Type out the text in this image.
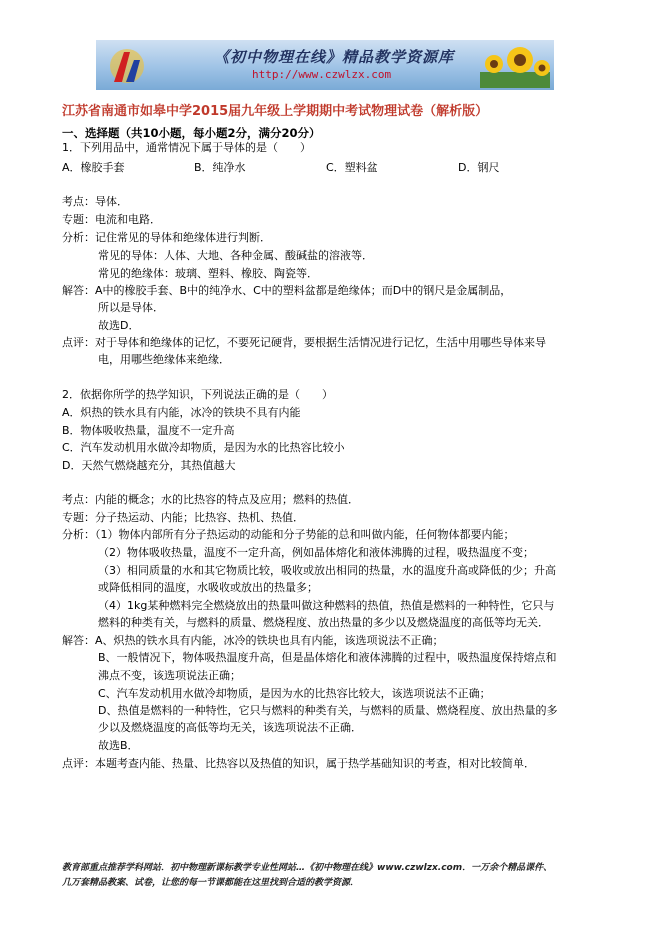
《初中物理在线》精品教学资源库
http://www.czwlzx.com
江苏省南通市如皋中学2015届九年级上学期期中考试物理试卷（解析版）
一、选择题（共10小题，每小题2分，满分20分）
1．下列用品中，通常情况下属于导体的是（　　）
A．橡胶手套	B．纯净水	C．塑料盆	D．钢尺
考点：导体．
专题：电流和电路．
分析：记住常见的导体和绝缘体进行判断．
常见的导体：人体、大地、各种金属、酸碱盐的溶液等．
常见的绝缘体：玻璃、塑料、橡胶、陶瓷等．
解答：A中的橡胶手套、B中的纯净水、C中的塑料盆都是绝缘体；而D中的钢尺是金属制品，
所以是导体．
故选D．
点评：对于导体和绝缘体的记忆，不要死记硬背，要根据生活情况进行记忆，生活中用哪些导体来导
电，用哪些绝缘体来绝缘．
2．依据你所学的热学知识，下列说法正确的是（　　）
A．炽热的铁水具有内能，冰冷的铁块不具有内能
B．物体吸收热量，温度不一定升高
C．汽车发动机用水做冷却物质，是因为水的比热容比较小
D．天然气燃烧越充分，其热值越大
考点：内能的概念；水的比热容的特点及应用；燃料的热值．
专题：分子热运动、内能；比热容、热机、热值．
分析：（1）物体内部所有分子热运动的动能和分子势能的总和叫做内能，任何物体都要内能；
（2）物体吸收热量，温度不一定升高，例如晶体熔化和液体沸腾的过程，吸热温度不变；
（3）相同质量的水和其它物质比较，吸收或放出相同的热量，水的温度升高或降低的少；升高
或降低相同的温度，水吸收或放出的热量多；
（4）1kg某种燃料完全燃烧放出的热量叫做这种燃料的热值，热值是燃料的一种特性，它只与
燃料的种类有关，与燃料的质量、燃烧程度、放出热量的多少以及燃烧温度的高低等均无关．
解答：A、炽热的铁水具有内能，冰冷的铁块也具有内能，该选项说法不正确；
B、一般情况下，物体吸热温度升高，但是晶体熔化和液体沸腾的过程中，吸热温度保持熔点和
沸点不变，该选项说法正确；
C、汽车发动机用水做冷却物质，是因为水的比热容比较大，该选项说法不正确；
D、热值是燃料的一种特性，它只与燃料的种类有关，与燃料的质量、燃烧程度、放出热量的多
少以及燃烧温度的高低等均无关，该选项说法不正确．
故选B．
点评：本题考查内能、热量、比热容以及热值的知识，属于热学基础知识的考查，相对比较简单．
教育部重点推荐学科网站．初中物理新课标教学专业性网站…《初中物理在线》www.czwlzx.com．一万余个精品课件、
几万套精品教案、试卷，让您的每一节课都能在这里找到合适的教学资源．
